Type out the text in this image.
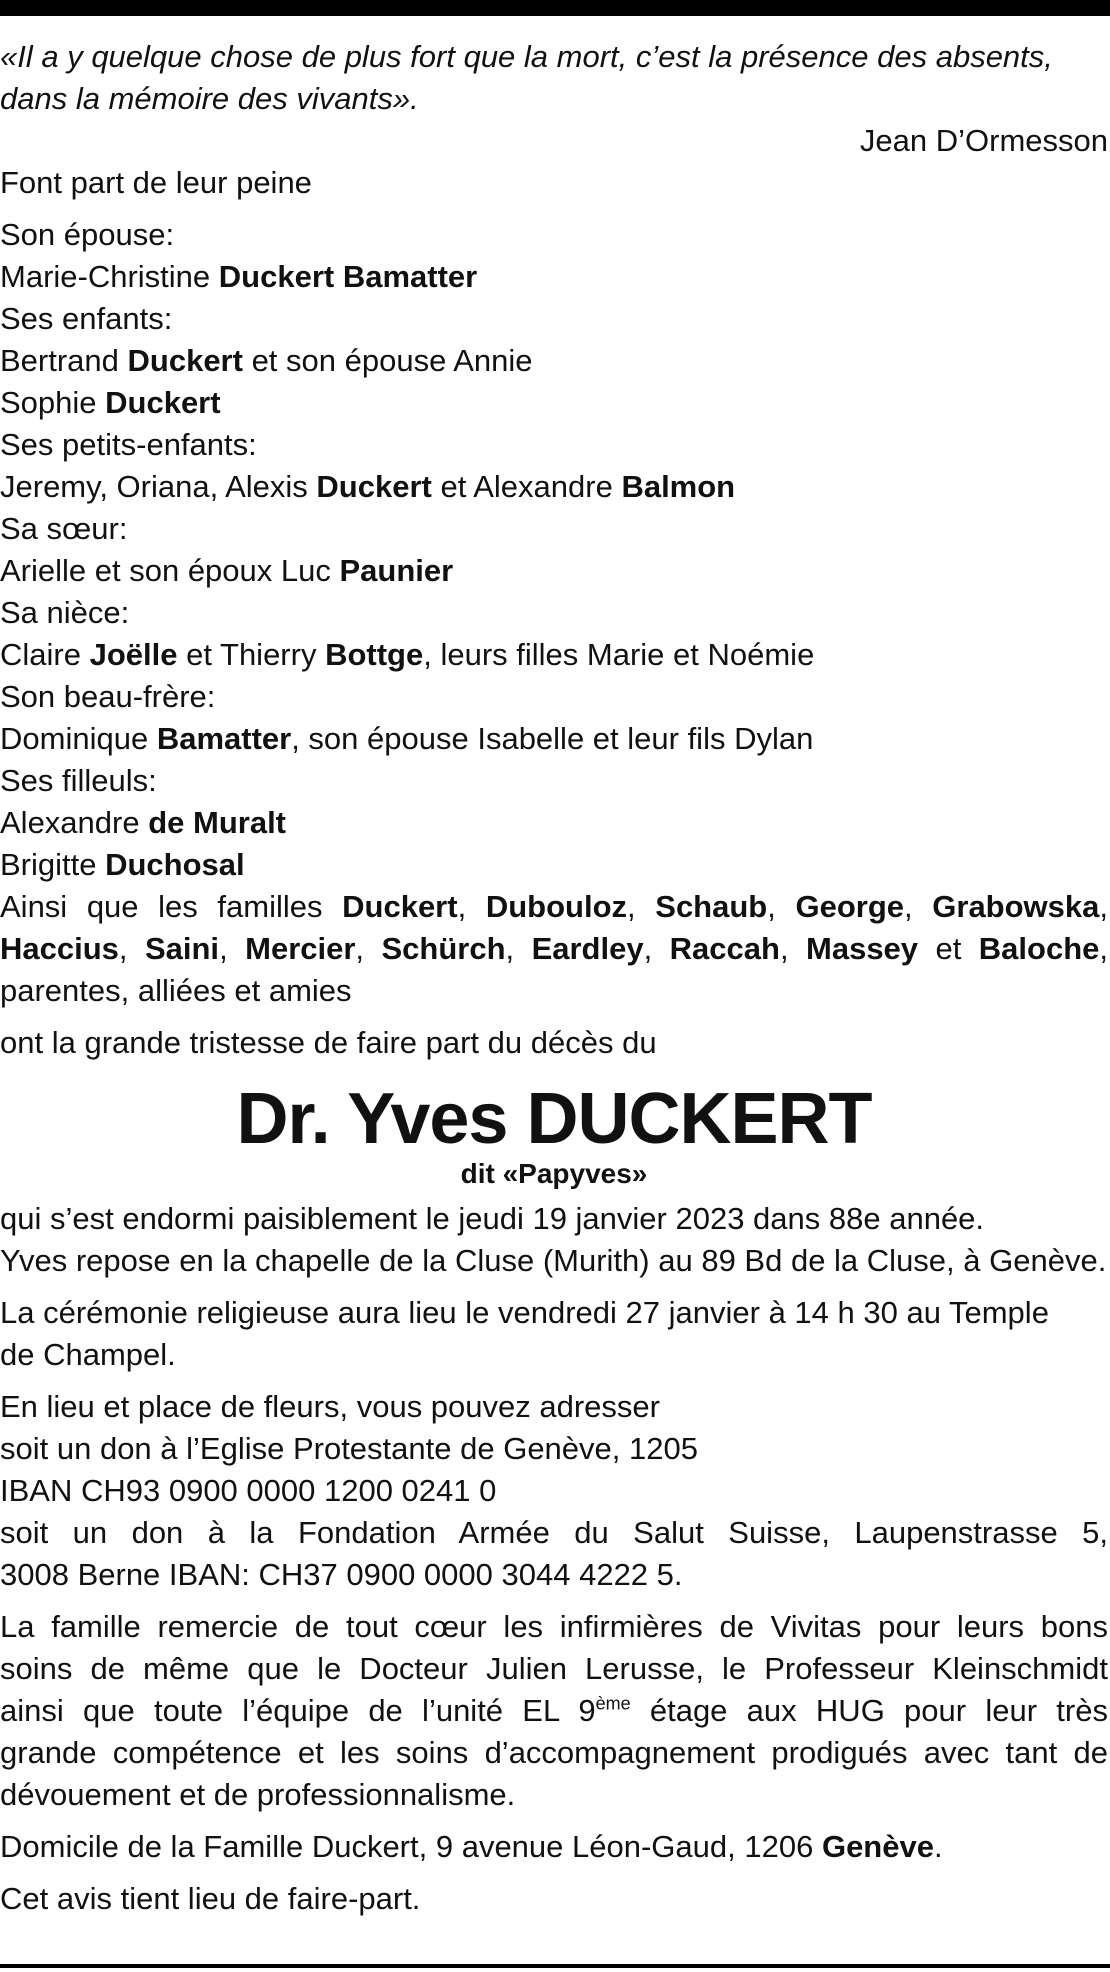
«Il a y quelque chose de plus fort que la mort, c’est la présence des absents,
dans la mémoire des vivants».
Jean D’Ormesson
Font part de leur peine
Son épouse:
Marie-Christine Duckert Bamatter
Ses enfants:
Bertrand Duckert et son épouse Annie
Sophie Duckert
Ses petits-enfants:
Jeremy, Oriana, Alexis Duckert et Alexandre Balmon
Sa sœur:
Arielle et son époux Luc Paunier
Sa nièce:
Claire Joëlle et Thierry Bottge, leurs filles Marie et Noémie
Son beau-frère:
Dominique Bamatter, son épouse Isabelle et leur fils Dylan
Ses filleuls:
Alexandre de Muralt
Brigitte Duchosal
Ainsi que les familles Duckert, Dubouloz, Schaub, George, Grabowska,
Haccius, Saini, Mercier, Schürch, Eardley, Raccah, Massey et Baloche,
parentes, alliées et amies
ont la grande tristesse de faire part du décès du
Dr. Yves DUCKERT
dit «Papyves»
qui s’est endormi paisiblement le jeudi 19 janvier 2023 dans 88e année.
Yves repose en la chapelle de la Cluse (Murith) au 89 Bd de la Cluse, à Genève.
La cérémonie religieuse aura lieu le vendredi 27 janvier à 14 h 30 au Temple
de Champel.
En lieu et place de fleurs, vous pouvez adresser
soit un don à l’Eglise Protestante de Genève, 1205
IBAN CH93 0900 0000 1200 0241 0
soit un don à la Fondation Armée du Salut Suisse, Laupenstrasse 5,
3008 Berne IBAN: CH37 0900 0000 3044 4222 5.
La famille remercie de tout cœur les infirmières de Vivitas pour leurs bons
soins de même que le Docteur Julien Lerusse, le Professeur Kleinschmidt
ainsi que toute l’équipe de l’unité EL 9ème étage aux HUG pour leur très
grande compétence et les soins d’accompagnement prodigués avec tant de
dévouement et de professionnalisme.
Domicile de la Famille Duckert, 9 avenue Léon-Gaud, 1206 Genève.
Cet avis tient lieu de faire-part.
